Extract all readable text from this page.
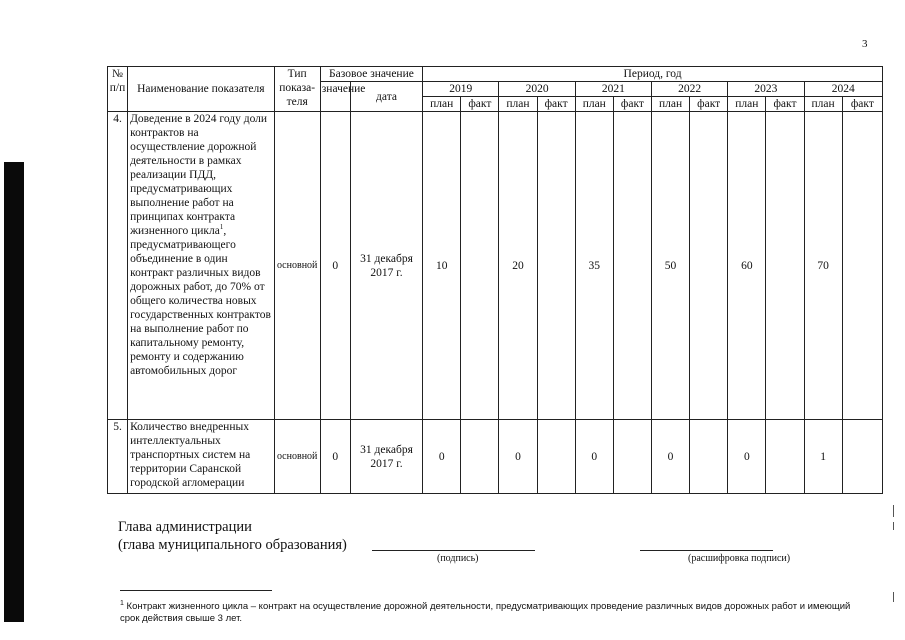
3
№ п/п	Наименование показателя	Тип показа-теля	Базовое значение		Период, год											
			значение	дата	2019		2020		2021		2022		2023		2024	
					план	факт	план	факт	план	факт	план	факт	план	факт	план	факт
4.	Доведение в 2024 году доли контрактов на осуществление дорожной деятельности в рамках реализации ПДД, предусматривающих выполнение работ на принципах контракта жизненного цикла$^1$, предусматривающего объединение в один контракт различных видов дорожных работ, до 70% от общего количества новых государственных контрактов на выполнение работ по капитальному ремонту, ремонту и содержанию автомобильных дорог	основной	0	31 декабря 2017 г.	10		20		35		50		60		70	
5.	Количество внедренных интеллектуальных транспортных систем на территории Саранской городской агломерации	основной	0	31 декабря 2017 г.	0		0		0		0		0		1	
Глава администрации
(глава муниципального образования)
(подпись)	(расшифровка подписи)
$^1$ Контракт жизненного цикла – контракт на осуществление дорожной деятельности, предусматривающих проведение различных видов дорожных работ и имеющий срок действия свыше 3 лет.
